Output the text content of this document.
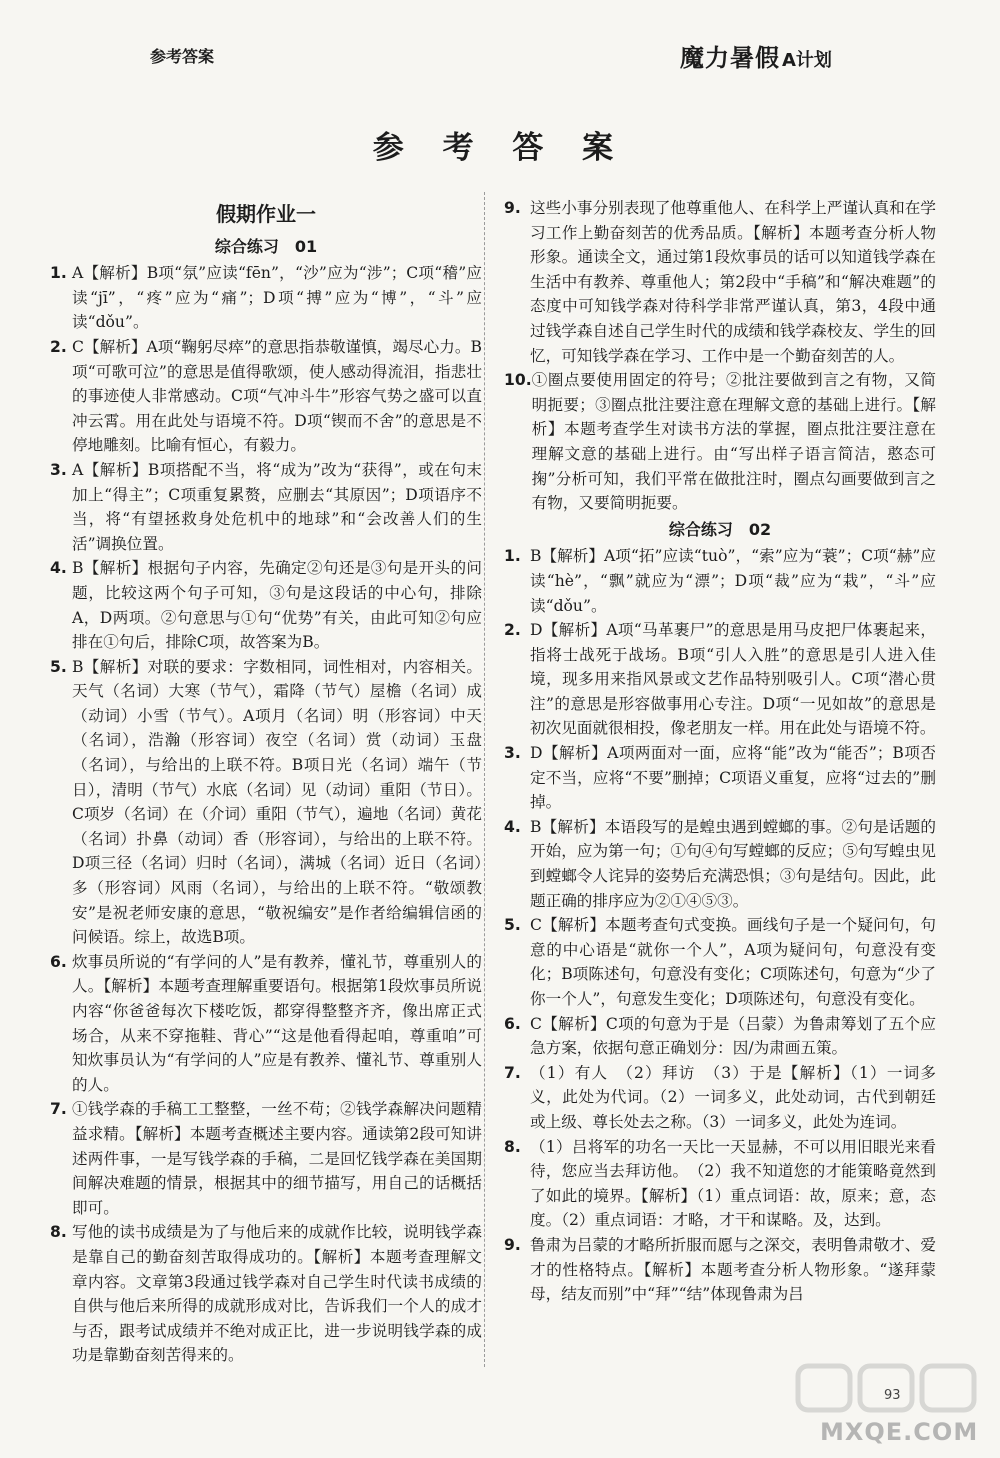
参考答案	魔力暑假 A计划
参 考 答 案
假期作业一
综合练习　01
1. A【解析】B项“氛”应读“fēn”，“沙”应为“涉”；C项“稽”应读“jī”，“疼”应为“痛”；D项“搏”应为“博”，“斗”应读“dǒu”。
2. C【解析】A项“鞠躬尽瘁”的意思指恭敬谨慎，竭尽心力。B项“可歌可泣”的意思是值得歌颂，使人感动得流泪，指悲壮的事迹使人非常感动。C项“气冲斗牛”形容气势之盛可以直冲云霄。用在此处与语境不符。D项“锲而不舍”的意思是不停地雕刻。比喻有恒心，有毅力。
3. A【解析】B项搭配不当，将“成为”改为“获得”，或在句末加上“得主”；C项重复累赘，应删去“其原因”；D项语序不当，将“有望拯救身处危机中的地球”和“会改善人们的生活”调换位置。
4. B【解析】根据句子内容，先确定②句还是③句是开头的问题，比较这两个句子可知，③句是这段话的中心句，排除A，D两项。②句意思与①句“优势”有关，由此可知②句应排在①句后，排除C项，故答案为B。
5. B【解析】对联的要求：字数相同，词性相对，内容相关。天气（名词）大寒（节气），霜降（节气）屋檐（名词）成（动词）小雪（节气）。A项月（名词）明（形容词）中天（名词），浩瀚（形容词）夜空（名词）赏（动词）玉盘（名词），与给出的上联不符。B项日光（名词）端午（节日），清明（节气）水底（名词）见（动词）重阳（节日）。C项岁（名词）在（介词）重阳（节气），遍地（名词）黄花（名词）扑鼻（动词）香（形容词），与给出的上联不符。D项三径（名词）归时（名词），满城（名词）近日（名词）多（形容词）风雨（名词），与给出的上联不符。“敬颂教安”是祝老师安康的意思，“敬祝编安”是作者给编辑信函的问候语。综上，故选B项。
6. 炊事员所说的“有学问的人”是有教养，懂礼节，尊重别人的人。【解析】本题考查理解重要语句。根据第1段炊事员所说内容“你爸爸每次下楼吃饭，都穿得整整齐齐，像出席正式场合，从来不穿拖鞋、背心”“这是他看得起咱，尊重咱”可知炊事员认为“有学问的人”应是有教养、懂礼节、尊重别人的人。
7. ①钱学森的手稿工工整整，一丝不苟；②钱学森解决问题精益求精。【解析】本题考查概述主要内容。通读第2段可知讲述两件事，一是写钱学森的手稿，二是回忆钱学森在美国期间解决难题的情景，根据其中的细节描写，用自己的话概括即可。
8. 写他的读书成绩是为了与他后来的成就作比较，说明钱学森是靠自己的勤奋刻苦取得成功的。【解析】本题考查理解文章内容。文章第3段通过钱学森对自己学生时代读书成绩的自供与他后来所得的成就形成对比，告诉我们一个人的成才与否，跟考试成绩并不绝对成正比，进一步说明钱学森的成功是靠勤奋刻苦得来的。
9. 这些小事分别表现了他尊重他人、在科学上严谨认真和在学习工作上勤奋刻苦的优秀品质。【解析】本题考查分析人物形象。通读全文，通过第1段炊事员的话可以知道钱学森在生活中有教养、尊重他人；第2段中“手稿”和“解决难题”的态度中可知钱学森对待科学非常严谨认真，第3，4段中通过钱学森自述自己学生时代的成绩和钱学森校友、学生的回忆，可知钱学森在学习、工作中是一个勤奋刻苦的人。
10. ①圈点要使用固定的符号；②批注要做到言之有物，又简明扼要；③圈点批注要注意在理解文意的基础上进行。【解析】本题考查学生对读书方法的掌握，圈点批注要注意在理解文意的基础上进行。由“写出样子语言简洁，憨态可掬”分析可知，我们平常在做批注时，圈点勾画要做到言之有物，又要简明扼要。
综合练习　02
1. B【解析】A项“拓”应读“tuò”，“索”应为“蓑”；C项“赫”应读“hè”，“飘”就应为“漂”；D项“裁”应为“栽”，“斗”应读“dǒu”。
2. D【解析】A项“马革裹尸”的意思是用马皮把尸体裹起来，指将士战死于战场。B项“引人入胜”的意思是引人进入佳境，现多用来指风景或文艺作品特别吸引人。C项“潜心贯注”的意思是形容做事用心专注。D项“一见如故”的意思是初次见面就很相投，像老朋友一样。用在此处与语境不符。
3. D【解析】A项两面对一面，应将“能”改为“能否”；B项否定不当，应将“不要”删掉；C项语义重复，应将“过去的”删掉。
4. B【解析】本语段写的是蝗虫遇到螳螂的事。②句是话题的开始，应为第一句；①句④句写螳螂的反应；⑤句写蝗虫见到螳螂令人诧异的姿势后充满恐惧；③句是结句。因此，此题正确的排序应为②①④⑤③。
5. C【解析】本题考查句式变换。画线句子是一个疑问句，句意的中心语是“就你一个人”，A项为疑问句，句意没有变化；B项陈述句，句意没有变化；C项陈述句，句意为“少了你一个人”，句意发生变化；D项陈述句，句意没有变化。
6. C【解析】C项的句意为于是（吕蒙）为鲁肃筹划了五个应急方案，依据句意正确划分：因/为肃画五策。
7. （1）有人　（2）拜访　（3）于是【解析】（1）一词多义，此处为代词。（2）一词多义，此处动词，古代到朝廷或上级、尊长处去之称。（3）一词多义，此处为连词。
8. （1）吕将军的功名一天比一天显赫，不可以用旧眼光来看待，您应当去拜访他。　（2）我不知道您的才能策略竟然到了如此的境界。【解析】（1）重点词语：故，原来；意，态度。（2）重点词语：才略，才干和谋略。及，达到。
9. 鲁肃为吕蒙的才略所折服而愿与之深交，表明鲁肃敬才、爱才的性格特点。【解析】本题考查分析人物形象。“遂拜蒙母，结友而别”中“拜”“结”体现鲁肃为吕
93
MXQE.COM
